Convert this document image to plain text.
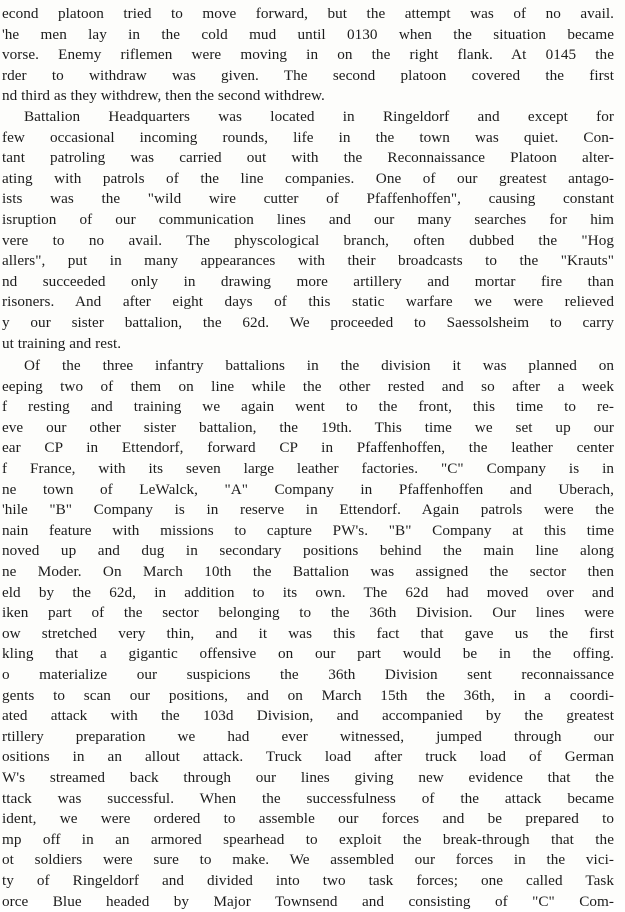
econd platoon tried to move forward, but the attempt was of no avail.
'he men lay in the cold mud until 0130 when the situation became
vorse. Enemy riflemen were moving in on the right flank. At 0145 the
rder to withdraw was given. The second platoon covered the first
nd third as they withdrew, then the second withdrew.
Battalion Headquarters was located in Ringeldorf and except for
few occasional incoming rounds, life in the town was quiet. Con-
tant patroling was carried out with the Reconnaissance Platoon alter-
ating with patrols of the line companies. One of our greatest antago-
ists was the "wild wire cutter of Pfaffenhoffen", causing constant
isruption of our communication lines and our many searches for him
vere to no avail. The physcological branch, often dubbed the "Hog
allers", put in many appearances with their broadcasts to the "Krauts"
nd succeeded only in drawing more artillery and mortar fire than
risoners. And after eight days of this static warfare we were relieved
y our sister battalion, the 62d. We proceeded to Saessolsheim to carry
ut training and rest.
Of the three infantry battalions in the division it was planned on
eeping two of them on line while the other rested and so after a week
f resting and training we again went to the front, this time to re-
eve our other sister battalion, the 19th. This time we set up our
ear CP in Ettendorf, forward CP in Pfaffenhoffen, the leather center
f France, with its seven large leather factories. "C" Company is in
ne town of LeWalck, "A" Company in Pfaffenhoffen and Uberach,
'hile "B" Company is in reserve in Ettendorf. Again patrols were the
nain feature with missions to capture PW's. "B" Company at this time
noved up and dug in secondary positions behind the main line along
ne Moder. On March 10th the Battalion was assigned the sector then
eld by the 62d, in addition to its own. The 62d had moved over and
iken part of the sector belonging to the 36th Division. Our lines were
ow stretched very thin, and it was this fact that gave us the first
kling that a gigantic offensive on our part would be in the offing.
o materialize our suspicions the 36th Division sent reconnaissance
gents to scan our positions, and on March 15th the 36th, in a coordi-
ated attack with the 103d Division, and accompanied by the greatest
rtillery preparation we had ever witnessed, jumped through our
ositions in an allout attack. Truck load after truck load of German
W's streamed back through our lines giving new evidence that the
ttack was successful. When the successfulness of the attack became
ident, we were ordered to assemble our forces and be prepared to
mp off in an armored spearhead to exploit the break-through that the
ot soldiers were sure to make. We assembled our forces in the vici-
ty of Ringeldorf and divided into two task forces; one called Task
orce Blue headed by Major Townsend and consisting of "C" Com-
